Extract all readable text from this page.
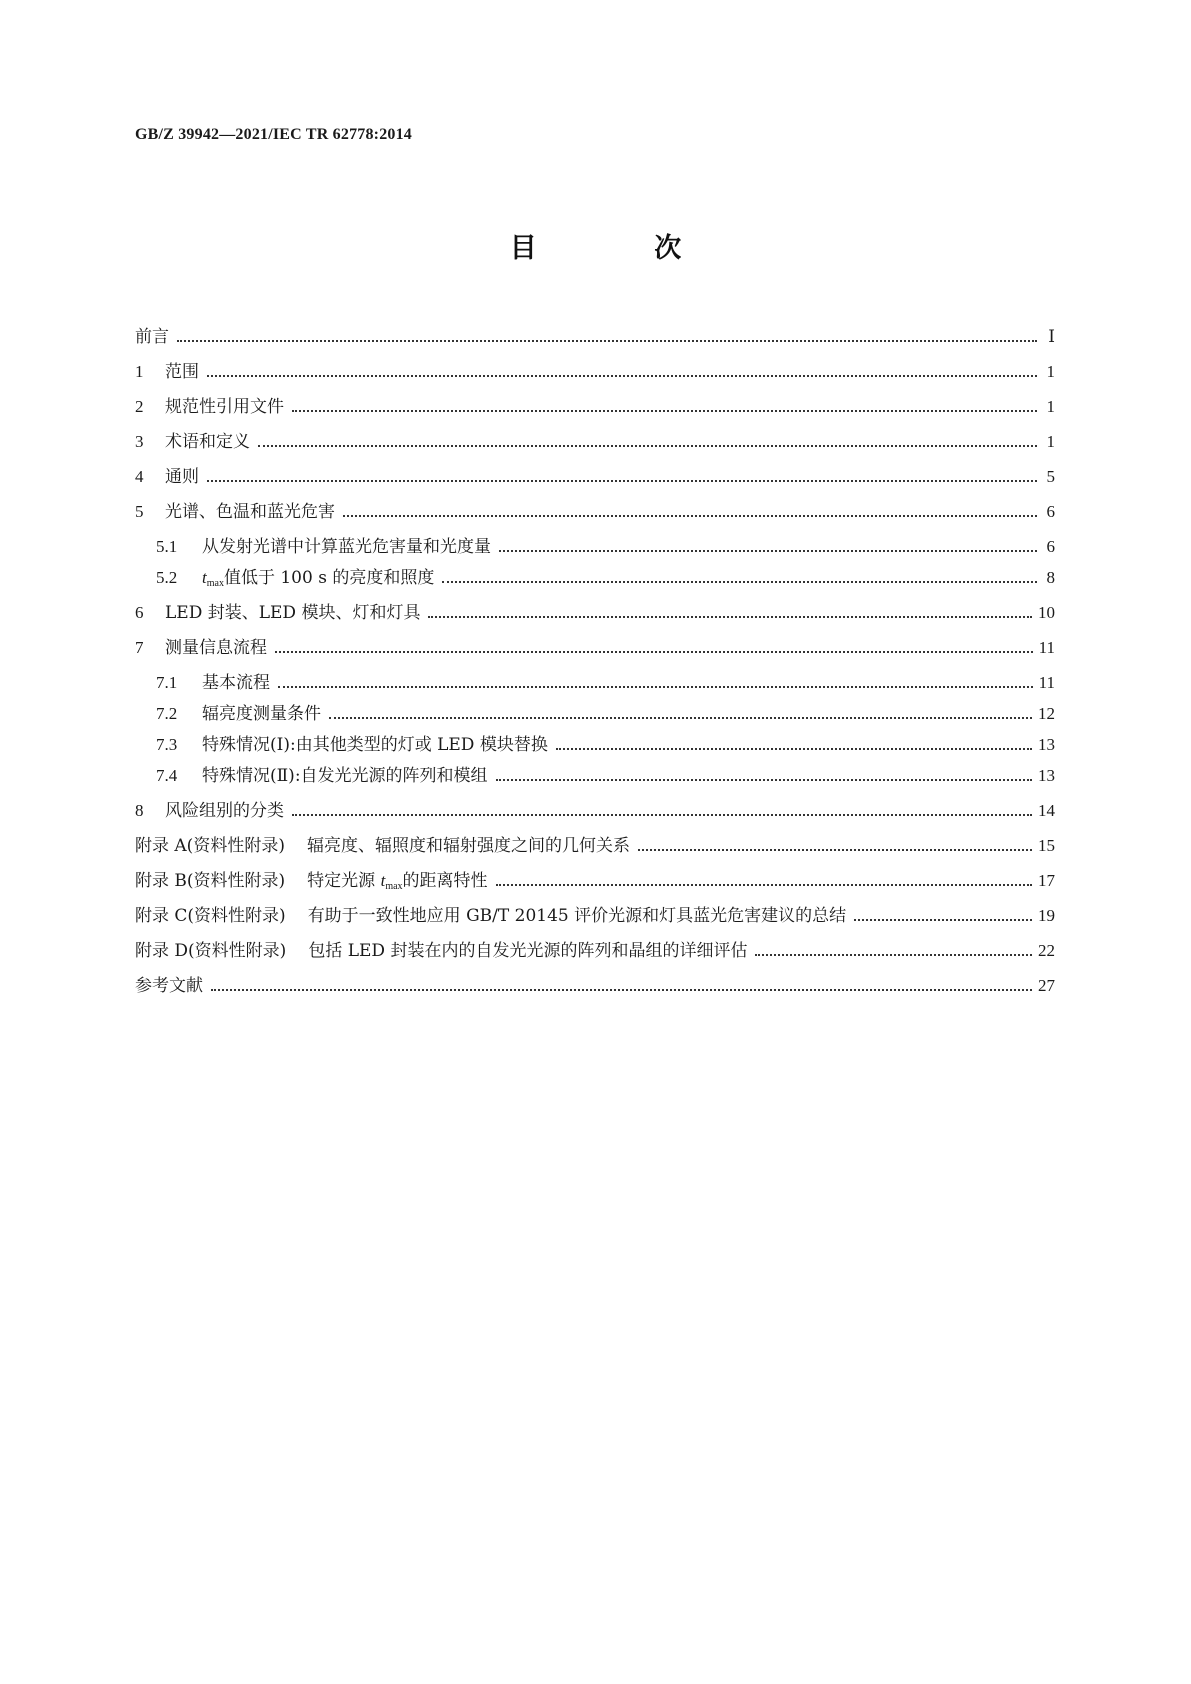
GB/Z 39942—2021/IEC TR 62778:2014
目 次
前言	Ⅰ
1	范围	1
2	规范性引用文件	1
3	术语和定义	1
4	通则	5
5	光谱、色温和蓝光危害	6
5.1	从发射光谱中计算蓝光危害量和光度量	6
5.2	tmax值低于 100 s 的亮度和照度	8
6	LED 封装、LED 模块、灯和灯具	10
7	测量信息流程	11
7.1	基本流程	11
7.2	辐亮度测量条件	12
7.3	特殊情况(Ⅰ):由其他类型的灯或 LED 模块替换	13
7.4	特殊情况(Ⅱ):自发光光源的阵列和模组	13
8	风险组别的分类	14
附录 A(资料性附录) 辐亮度、辐照度和辐射强度之间的几何关系	15
附录 B(资料性附录) 特定光源 tmax的距离特性	17
附录 C(资料性附录) 有助于一致性地应用 GB/T 20145 评价光源和灯具蓝光危害建议的总结	19
附录 D(资料性附录) 包括 LED 封装在内的自发光光源的阵列和晶组的详细评估	22
参考文献	27
